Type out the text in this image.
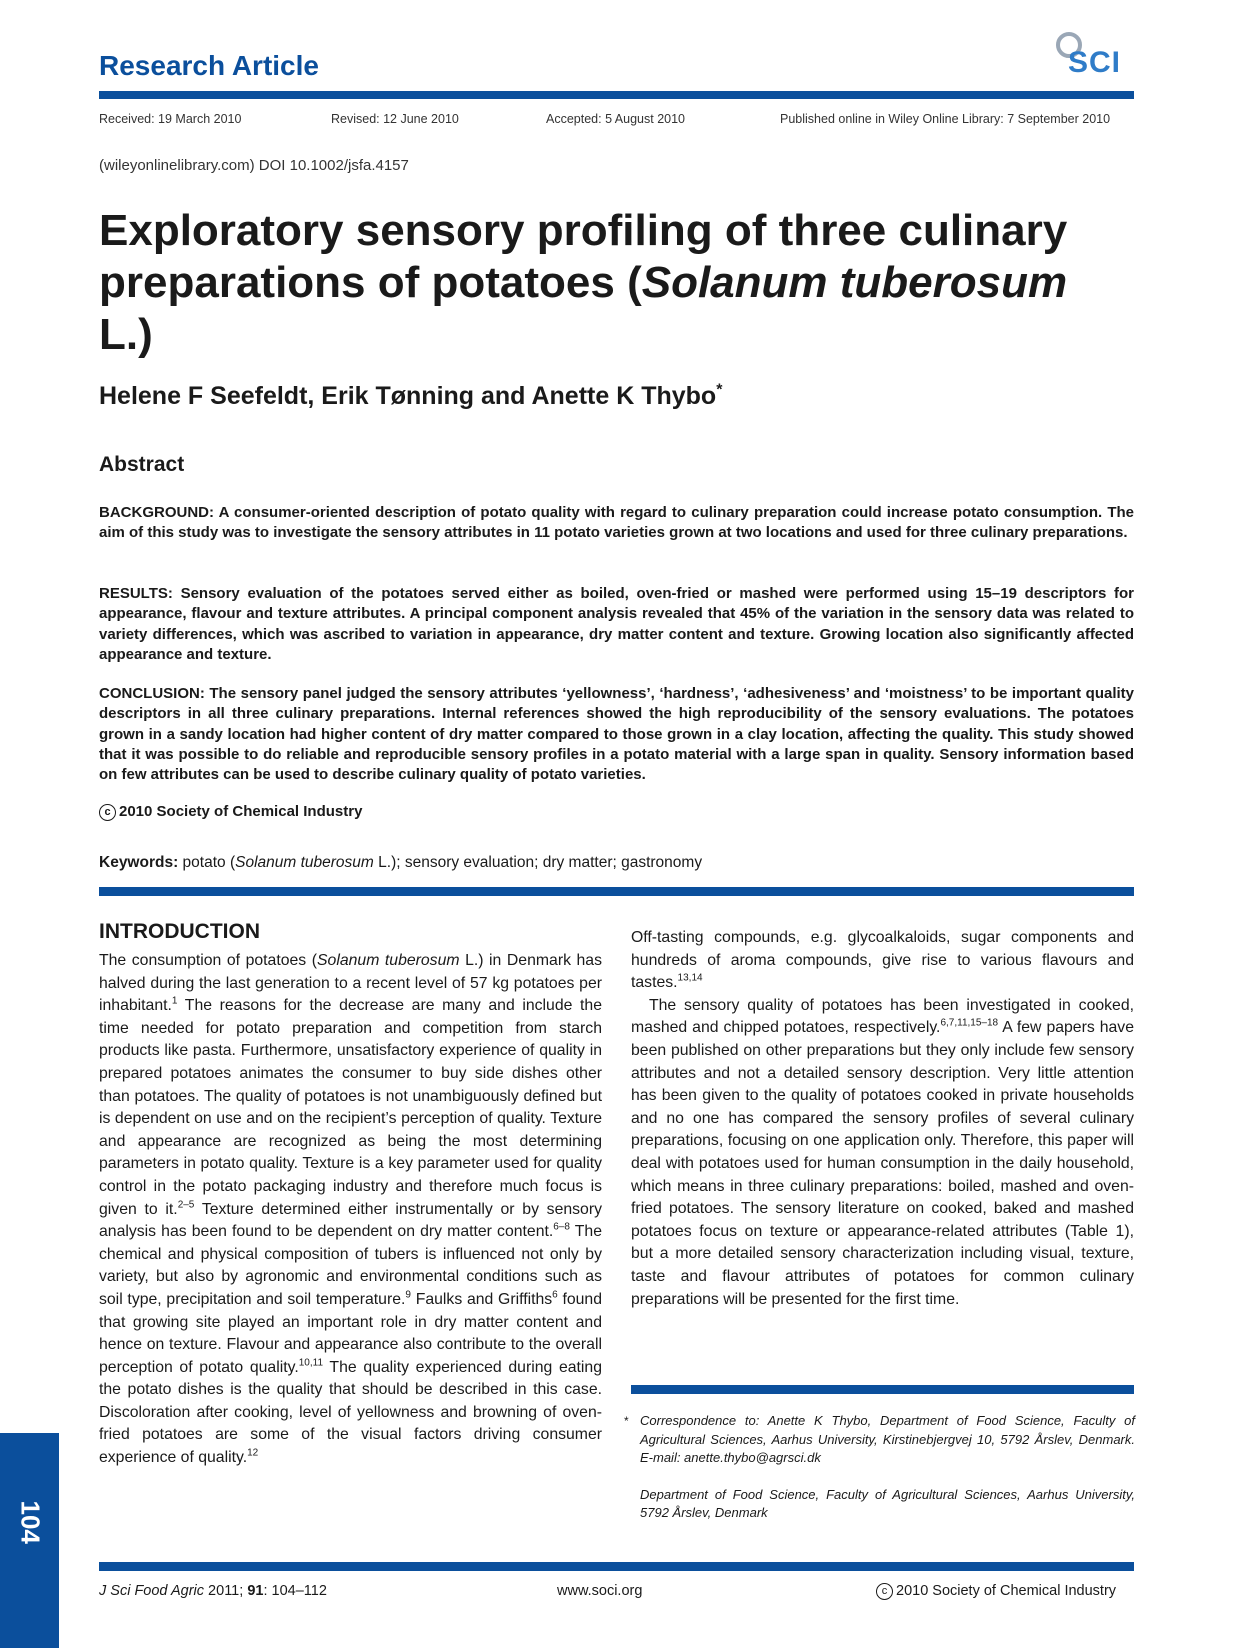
Research Article	SCI
Received: 19 March 2010	Revised: 12 June 2010	Accepted: 5 August 2010	Published online in Wiley Online Library: 7 September 2010
(wileyonlinelibrary.com) DOI 10.1002/jsfa.4157
Exploratory sensory profiling of three culinary preparations of potatoes (Solanum tuberosum L.)
Helene F Seefeldt, Erik Tønning and Anette K Thybo*
Abstract
BACKGROUND: A consumer-oriented description of potato quality with regard to culinary preparation could increase potato consumption. The aim of this study was to investigate the sensory attributes in 11 potato varieties grown at two locations and used for three culinary preparations.
RESULTS: Sensory evaluation of the potatoes served either as boiled, oven-fried or mashed were performed using 15–19 descriptors for appearance, flavour and texture attributes. A principal component analysis revealed that 45% of the variation in the sensory data was related to variety differences, which was ascribed to variation in appearance, dry matter content and texture. Growing location also significantly affected appearance and texture.
CONCLUSION: The sensory panel judged the sensory attributes ‘yellowness’, ‘hardness’, ‘adhesiveness’ and ‘moistness’ to be important quality descriptors in all three culinary preparations. Internal references showed the high reproducibility of the sensory evaluations. The potatoes grown in a sandy location had higher content of dry matter compared to those grown in a clay location, affecting the quality. This study showed that it was possible to do reliable and reproducible sensory profiles in a potato material with a large span in quality. Sensory information based on few attributes can be used to describe culinary quality of potato varieties.
c 2010 Society of Chemical Industry
Keywords: potato (Solanum tuberosum L.); sensory evaluation; dry matter; gastronomy
INTRODUCTION

The consumption of potatoes (Solanum tuberosum L.) in Denmark has halved during the last generation to a recent level of 57 kg potatoes per inhabitant.$^1$ The reasons for the decrease are many and include the time needed for potato preparation and competition from starch products like pasta. Furthermore, unsatisfactory experience of quality in prepared potatoes animates the consumer to buy side dishes other than potatoes. The quality of potatoes is not unambiguously defined but is dependent on use and on the recipient’s perception of quality. Texture and appearance are recognized as being the most determining parameters in potato quality. Texture is a key parameter used for quality control in the potato packaging industry and therefore much focus is given to it.$^{2-5}$ Texture determined either instrumentally or by sensory analysis has been found to be dependent on dry matter content.$^{6-8}$ The chemical and physical composition of tubers is influenced not only by variety, but also by agronomic and environmental conditions such as soil type, precipitation and soil temperature.$^9$ Faulks and Griffiths$^6$ found that growing site played an important role in dry matter content and hence on texture. Flavour and appearance also contribute to the overall perception of potato quality.$^{10,11}$ The quality experienced during eating the potato dishes is the quality that should be described in this case. Discoloration after cooking, level of yellowness and browning of oven-fried potatoes are some of the visual factors driving consumer experience of quality.$^{12}$

Off-tasting compounds, e.g. glycoalkaloids, sugar components and hundreds of aroma compounds, give rise to various flavours and tastes.$^{13,14}$

The sensory quality of potatoes has been investigated in cooked, mashed and chipped potatoes, respectively.$^{6,7,11,15-18}$ A few papers have been published on other preparations but they only include few sensory attributes and not a detailed sensory description. Very little attention has been given to the quality of potatoes cooked in private households and no one has compared the sensory profiles of several culinary preparations, focusing on one application only. Therefore, this paper will deal with potatoes used for human consumption in the daily household, which means in three culinary preparations: boiled, mashed and oven-fried potatoes. The sensory literature on cooked, baked and mashed potatoes focus on texture or appearance-related attributes (Table 1), but a more detailed sensory characterization including visual, texture, taste and flavour attributes of potatoes for common culinary preparations will be presented for the first time.

* Correspondence to: Anette K Thybo, Department of Food Science, Faculty of Agricultural Sciences, Aarhus University, Kirstinebjergvej 10, 5792 Årslev, Denmark. E-mail: anette.thybo@agrsci.dk

Department of Food Science, Faculty of Agricultural Sciences, Aarhus University, 5792 Årslev, Denmark

104
J Sci Food Agric 2011; 91: 104–112	www.soci.org	c 2010 Society of Chemical Industry
